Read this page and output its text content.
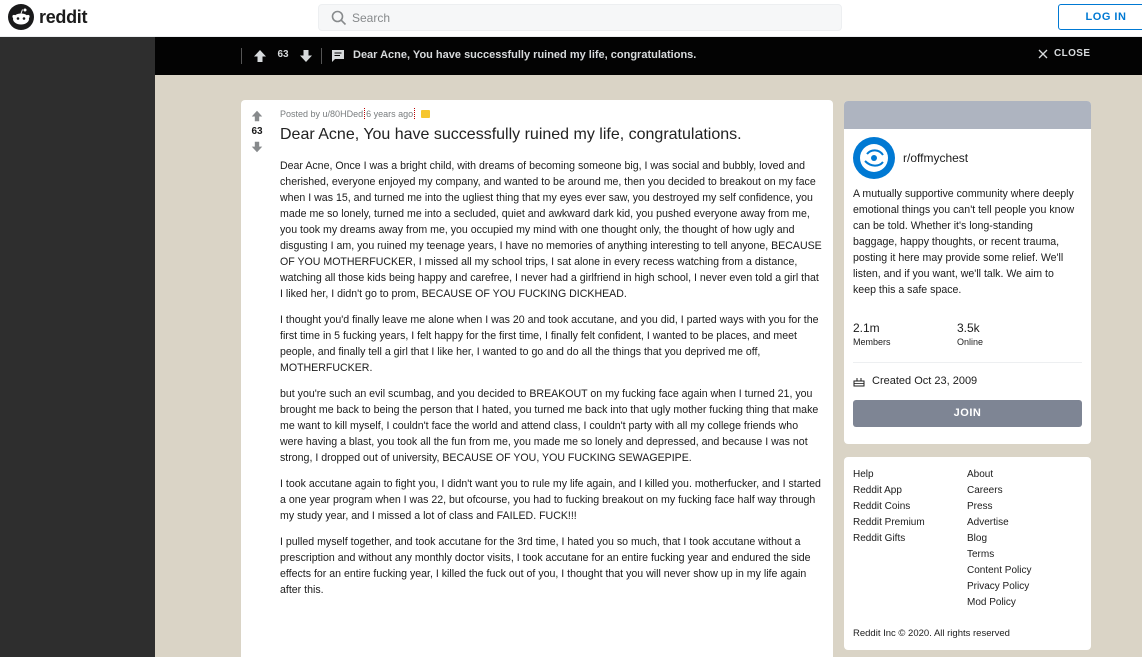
reddit
Search	LOG IN
63	Dear Acne, You have successfully ruined my life, congratulations.	CLOSE
63
Posted by
u/80HDed 6 years ago
Dear Acne, You have successfully ruined my life, congratulations.

Dear Acne, Once I was a bright child, with dreams of becoming someone big, I was social and bubbly, loved and cherished, everyone enjoyed my company, and wanted to be around me, then you decided to breakout on my face when I was 15, and turned me into the ugliest thing that my eyes ever saw, you destroyed my self confidence, you made me so lonely, turned me into a secluded, quiet and awkward dark kid, you pushed everyone away from me, you took my dreams away from me, you occupied my mind with one thought only, the thought of how ugly and disgusting I am, you ruined my teenage years, I have no memories of anything interesting to tell anyone, BECAUSE OF YOU MOTHERFUCKER, I missed all my school trips, I sat alone in every recess watching from a distance, watching all those kids being happy and carefree, I never had a girlfriend in high school, I never even told a girl that I liked her, I didn't go to prom, BECAUSE OF YOU FUCKING DICKHEAD.

I thought you'd finally leave me alone when I was 20 and took accutane, and you did, I parted ways with you for the first time in 5 fucking years, I felt happy for the first time, I finally felt confident, I wanted to be places, and meet people, and finally tell a girl that I like her, I wanted to go and do all the things that you deprived me off, MOTHERFUCKER.

but you're such an evil scumbag, and you decided to BREAKOUT on my fucking face again when I turned 21, you brought me back to being the person that I hated, you turned me back into that ugly mother fucking thing that make me want to kill myself, I couldn't face the world and attend class, I couldn't party with all my college friends who were having a blast, you took all the fun from me, you made me so lonely and depressed, and because I was not strong, I dropped out of university, BECAUSE OF YOU, YOU FUCKING SEWAGEPIPE.

I took accutane again to fight you, I didn't want you to rule my life again, and I killed you. motherfucker, and I started a one year program when I was 22, but ofcourse, you had to fucking breakout on my fucking face half way through my study year, and I missed a lot of class and FAILED. FUCK!!!

I pulled myself together, and took accutane for the 3rd time, I hated you so much, that I took accutane without a prescription and without any monthly doctor visits, I took accutane for an entire fucking year and endured the side effects for an entire fucking year, I killed the fuck out of you, I thought that you will never show up in my life again after this.

r/offmychest
A mutually supportive community where deeply emotional things you can't tell people you know can be told. Whether it's long-standing baggage, happy thoughts, or recent trauma, posting it here may provide some relief. We'll listen, and if you want, we'll talk. We aim to keep this a safe space.
2.1m
Members
3.5k
Online
Created Oct 23, 2009
JOIN
Help
Reddit App
Reddit Coins
Reddit Premium
Reddit Gifts
About
Careers
Press
Advertise
Blog
Terms
Content Policy
Privacy Policy
Mod Policy
Reddit Inc © 2020. All rights reserved
